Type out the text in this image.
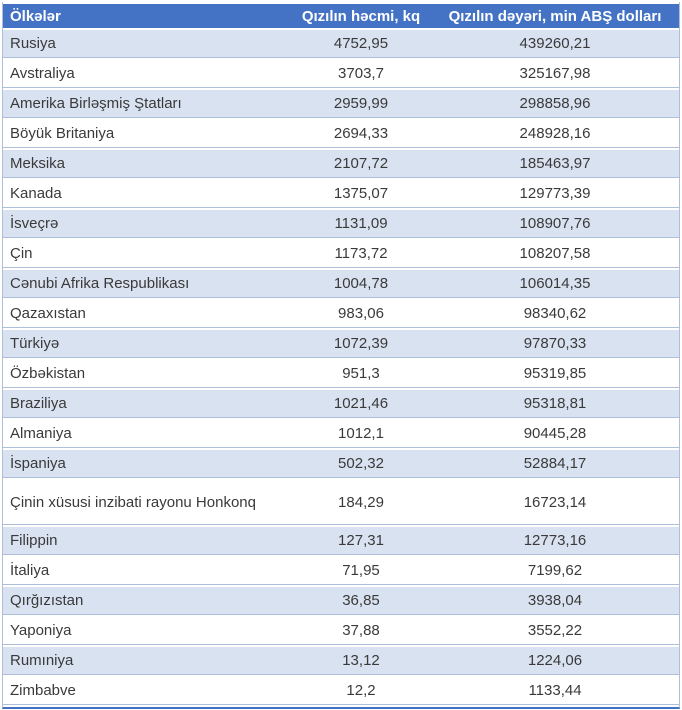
Ölkələr	Qızılın həcmi, kq	Qızılın dəyəri, min ABŞ dolları
Rusiya	4752,95	439260,21
Avstraliya	3703,7	325167,98
Amerika Birləşmiş Ştatları	2959,99	298858,96
Böyük Britaniya	2694,33	248928,16
Meksika	2107,72	185463,97
Kanada	1375,07	129773,39
İsveçrə	1131,09	108907,76
Çin	1173,72	108207,58
Cənubi Afrika Respublikası	1004,78	106014,35
Qazaxıstan	983,06	98340,62
Türkiyə	1072,39	97870,33
Özbəkistan	951,3	95319,85
Braziliya	1021,46	95318,81
Almaniya	1012,1	90445,28
İspaniya	502,32	52884,17
Çinin xüsusi inzibati rayonu Honkonq	184,29	16723,14
Filippin	127,31	12773,16
İtaliya	71,95	7199,62
Qırğızıstan	36,85	3938,04
Yaponiya	37,88	3552,22
Rumıniya	13,12	1224,06
Zimbabve	12,2	1133,44
